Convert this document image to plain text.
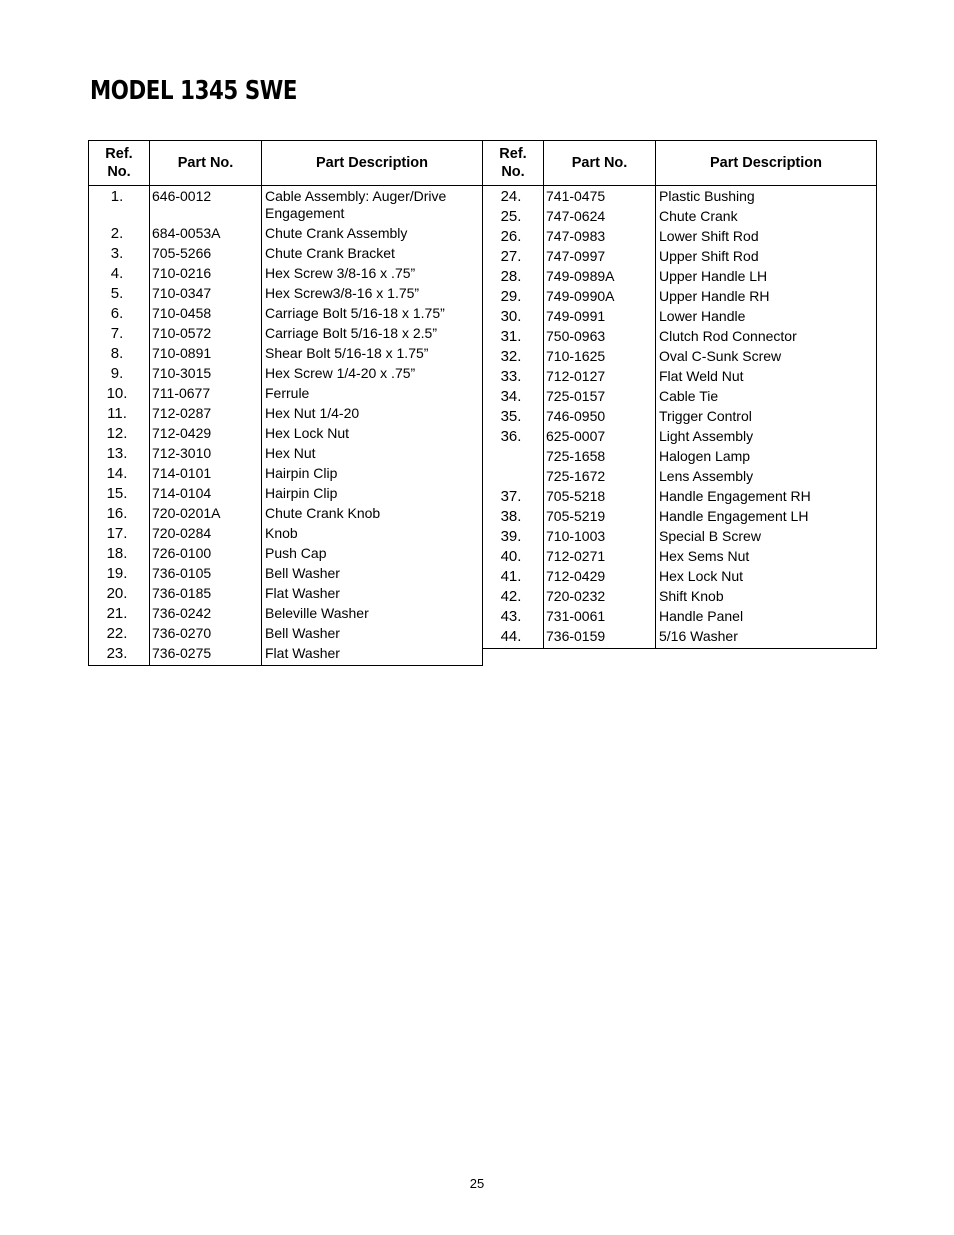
MODEL 1345 SWE
Ref. No.	Part No.	Part Description
1.	646-0012	Cable Assembly: Auger/Drive Engagement
2.	684-0053A	Chute Crank Assembly
3.	705-5266	Chute Crank Bracket
4.	710-0216	Hex Screw 3/8-16 x .75”
5.	710-0347	Hex Screw3/8-16 x 1.75”
6.	710-0458	Carriage Bolt 5/16-18 x 1.75”
7.	710-0572	Carriage Bolt 5/16-18 x 2.5”
8.	710-0891	Shear Bolt 5/16-18 x 1.75”
9.	710-3015	Hex Screw 1/4-20 x .75”
10.	711-0677	Ferrule
11.	712-0287	Hex Nut 1/4-20
12.	712-0429	Hex Lock Nut
13.	712-3010	Hex Nut
14.	714-0101	Hairpin Clip
15.	714-0104	Hairpin Clip
16.	720-0201A	Chute Crank Knob
17.	720-0284	Knob
18.	726-0100	Push Cap
19.	736-0105	Bell Washer
20.	736-0185	Flat Washer
21.	736-0242	Beleville Washer
22.	736-0270	Bell Washer
23.	736-0275	Flat Washer
Ref. No.	Part No.	Part Description
24.	741-0475	Plastic Bushing
25.	747-0624	Chute Crank
26.	747-0983	Lower Shift Rod
27.	747-0997	Upper Shift Rod
28.	749-0989A	Upper Handle LH
29.	749-0990A	Upper Handle RH
30.	749-0991	Lower Handle
31.	750-0963	Clutch Rod Connector
32.	710-1625	Oval C-Sunk Screw
33.	712-0127	Flat Weld Nut
34.	725-0157	Cable Tie
35.	746-0950	Trigger Control
36.	625-0007	Light Assembly
	725-1658	Halogen Lamp
	725-1672	Lens Assembly
37.	705-5218	Handle Engagement RH
38.	705-5219	Handle Engagement LH
39.	710-1003	Special B Screw
40.	712-0271	Hex Sems Nut
41.	712-0429	Hex Lock Nut
42.	720-0232	Shift Knob
43.	731-0061	Handle Panel
44.	736-0159	5/16 Washer
25
